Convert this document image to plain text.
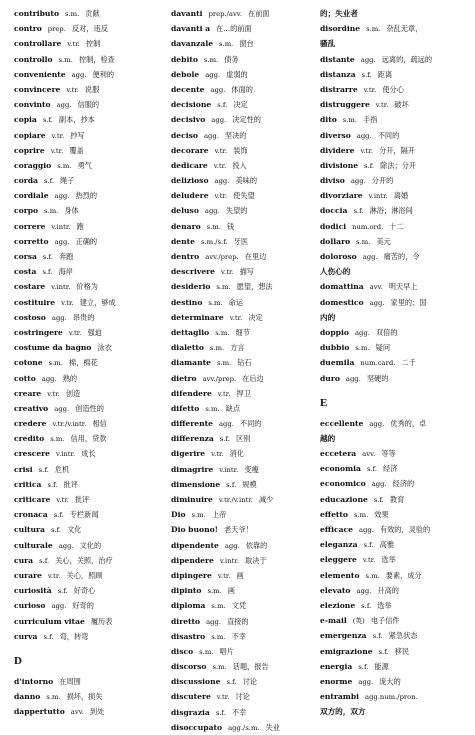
contributo s.m. 贡献
contro prep. 反对，违反
controllare v.tr. 控制
controllo s.m. 控制，检查
conveniente agg. 便利的
convincere v.tr. 说服
convinto agg. 信服的
copia s.f. 副本，抄本
copiare v.tr. 抄写
coprire v.tr. 覆盖
coraggio s.m. 勇气
corda s.f. 绳子
cordiale agg. 热烈的
corpo s.m. 身体
correre v.intr. 跑
corretto agg. 正确的
corsa s.f. 奔跑
costa s.f. 海岸
costare v.intr. 价格为
costituire v.tr. 建立，够成
costoso agg. 昂贵的
costringere v.tr. 强迫
costume da bagno 泳衣
cotone s.m. 棉，棉花
cotto agg. 熟的
creare v.tr. 创造
creativo agg. 创造性的
credere v.tr./v.intr. 相信
credito s.m. 信用，贷款
crescere v.intr. 成长
crisi s.f. 危机
critica s.f. 批评
criticare v.tr. 批评
cronaca s.f. 专栏新闻
cultura s.f. 文化
culturale agg. 文化的
cura s.f. 关心，关照，治疗
curare v.tr. 关心，照顾
curiosità s.f. 好奇心
curioso agg. 好奇的
curriculum vitae 履历表
curva s.f. 弯，转弯
D
d'intorno 在周围
danno s.m. 损坏，损失
dappertutto avv. 到处
davanti prep./avv. 在前面
davanti a 在...的前面
davanzale s.m. 窗台
debito s.m. 债务
debole agg. 虚弱的
decente agg. 体面的
decisione s.f. 决定
decisivo agg. 决定性的
deciso agg. 坚决的
decorare v.tr. 装饰
dedicare v.tr. 投入
delizioso agg. 美味的
deludere v.tr. 使失望
deluso agg. 失望的
denaro s.m. 钱
dente s.m./s.f. 牙医
dentro avv./prep. 在里边
descrivere v.tr. 描写
desiderio s.m. 愿望，想法
destino s.m. 命运
determinare v.tr. 决定
dettaglio s.m. 细节
dialetto s.m. 方言
diamante s.m. 钻石
dietro avv./prep. 在后边
difendere v.tr. 捍卫
difetto s.m. 缺点
differente agg. 不同的
differenza s.f. 区别
digerire v.tr. 消化
dimagrire v.intr. 变瘦
dimensione s.f. 规模
diminuire v.tr./v.intr. 减少
Dio s.m. 上帝
Dio buono! 老天爷！
dipendente agg. 依靠的
dipendere v.intr. 取决于
dipingere v.tr. 画
dipinto s.m. 画
diploma s.m. 文凭
diretto agg. 直接的
disastro s.m. 不幸
disco s.m. 唱片
discorso s.m. 话题，报告
discussione s.f. 讨论
discutere v.tr. 讨论
disgrazia s.f. 不幸
disoccupato agg./s.m. 失业
的；失业者
disordine s.m. 杂乱无章，
骚乱
distante agg. 远离的，疏远的
distanza s.f. 距离
distrarre v.tr. 使分心
distruggere v.tr. 破坏
dito s.m. 手指
diverso agg. 不同的
dividere v.tr. 分开，隔开
divisione s.f. 除法；分开
diviso agg. 分开的
divorziare v.intr. 离婚
doccia s.f. 淋浴；淋浴间
dodici num.ord. 十二
dollaro s.m. 美元
doloroso agg. 痛苦的，令
人伤心的
domattina avv. 明天早上
domestico agg. 家里的；国
内的
doppio agg. 双倍的
dubbio s.m. 疑问
duemila num.card. 二千
duro agg. 坚硬的
E
eccellente agg. 优秀的，卓
越的
eccetera avv. 等等
economia s.f. 经济
economico agg. 经济的
educazione s.f. 教育
effetto s.m. 效果
efficace agg. 有效的，灵验的
eleganza s.f. 高雅
eleggere v.tr. 选举
elemento s.m. 要素，成分
elevato agg. 升高的
elezione s.f. 选举
e-mail (英) 电子信件
emergenza s.f. 紧急状态
emigrazione s.f. 移民
energia s.f. 能源
enorme agg. 庞大的
entrambi agg.num./pron.
双方的，双方
